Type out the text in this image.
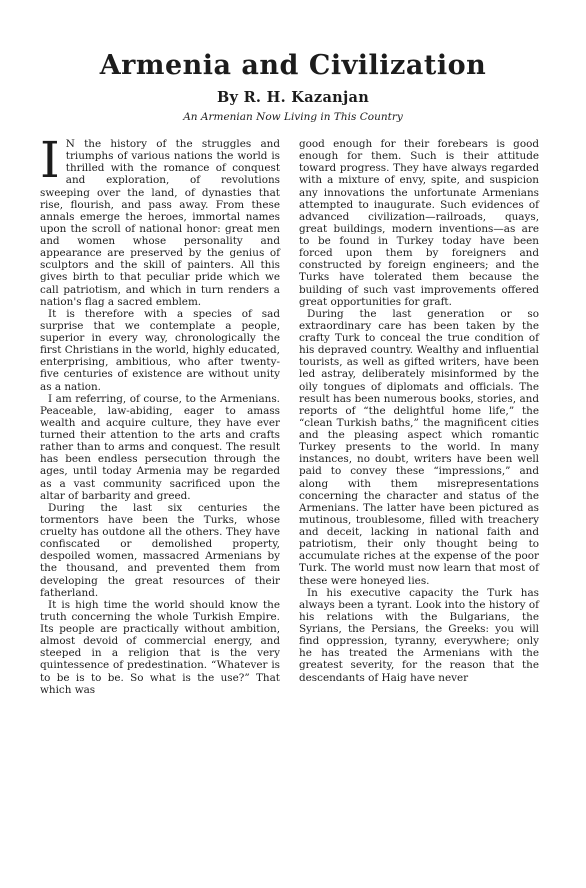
Armenia and Civilization
By R. H. Kazanjan
An Armenian Now Living in This Country

I N the history of the struggles and triumphs of various nations the world is thrilled with the romance of conquest and exploration, of revolutions sweeping over the land, of dynasties that rise, flourish, and pass away. From these annals emerge the heroes, immortal names upon the scroll of national honor: great men and women whose personality and appearance are preserved by the genius of sculptors and the skill of painters. All this gives birth to that peculiar pride which we call patriotism, and which in turn renders a nation's flag a sacred emblem.

It is therefore with a species of sad surprise that we contemplate a people, superior in every way, chronologically the first Christians in the world, highly educated, enterprising, ambitious, who after twenty-five centuries of existence are without unity as a nation.

I am referring, of course, to the Armenians. Peaceable, law-abiding, eager to amass wealth and acquire culture, they have ever turned their attention to the arts and crafts rather than to arms and conquest. The result has been endless persecution through the ages, until today Armenia may be regarded as a vast community sacrificed upon the altar of barbarity and greed.

During the last six centuries the tormentors have been the Turks, whose cruelty has outdone all the others. They have confiscated or demolished property, despoiled women, massacred Armenians by the thousand, and prevented them from developing the great resources of their fatherland.

It is high time the world should know the truth concerning the whole Turkish Empire. Its people are practically without ambition, almost devoid of commercial energy, and steeped in a religion that is the very quintessence of predestination. “Whatever is to be is to be. So what is the use?” That which was

good enough for their forebears is good enough for them. Such is their attitude toward progress. They have always regarded with a mixture of envy, spite, and suspicion any innovations the unfortunate Armenians attempted to inaugurate. Such evidences of advanced civilization—railroads, quays, great buildings, modern inventions—as are to be found in Turkey today have been forced upon them by foreigners and constructed by foreign engineers; and the Turks have tolerated them because the building of such vast improvements offered great opportunities for graft.

During the last generation or so extraordinary care has been taken by the crafty Turk to conceal the true condition of his depraved country. Wealthy and influential tourists, as well as gifted writers, have been led astray, deliberately misinformed by the oily tongues of diplomats and officials. The result has been numerous books, stories, and reports of “the delightful home life,” the “clean Turkish baths,” the magnificent cities and the pleasing aspect which romantic Turkey presents to the world. In many instances, no doubt, writers have been well paid to convey these “impressions,” and along with them misrepresentations concerning the character and status of the Armenians. The latter have been pictured as mutinous, troublesome, filled with treachery and deceit, lacking in national faith and patriotism, their only thought being to accumulate riches at the expense of the poor Turk. The world must now learn that most of these were honeyed lies.

In his executive capacity the Turk has always been a tyrant. Look into the history of his relations with the Bulgarians, the Syrians, the Persians, the Greeks: you will find oppression, tyranny, everywhere; only he has treated the Armenians with the greatest severity, for the reason that the descendants of Haig have never
